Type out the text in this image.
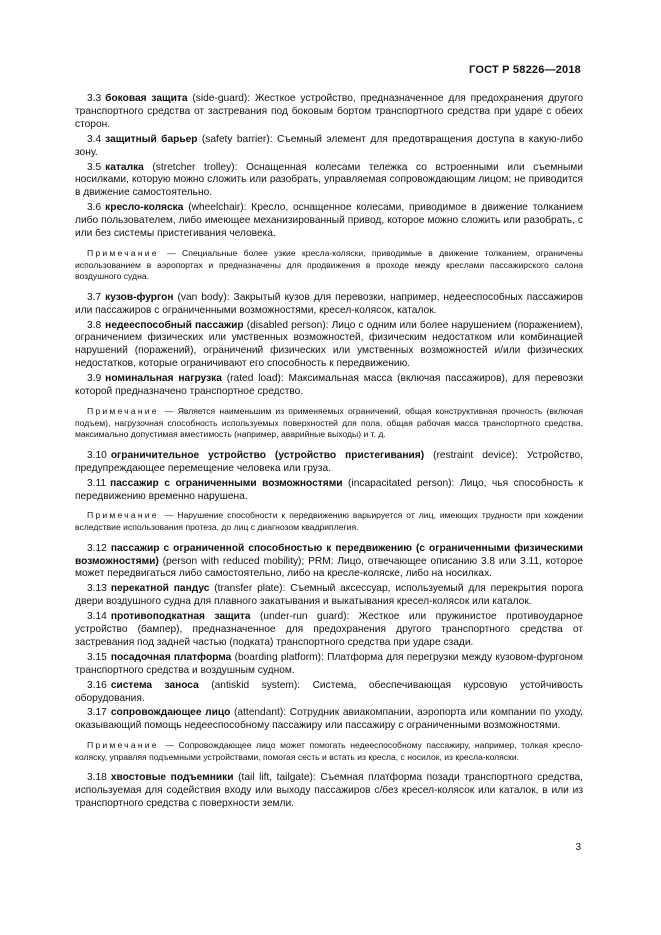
ГОСТ Р 58226—2018

3.3 боковая защита (side-guard): Жесткое устройство, предназначенное для предохранения другого транспортного средства от застревания под боковым бортом транспортного средства при ударе с обеих сторон.

3.4 защитный барьер (safety barrier): Съемный элемент для предотвращения доступа в какую-либо зону.

3.5 каталка (stretcher trolley): Оснащенная колесами тележка со встроенными или съемными носилками, которую можно сложить или разобрать, управляемая сопровождающим лицом; не приводится в движение самостоятельно.

3.6 кресло-коляска (wheelchair): Кресло, оснащенное колесами, приводимое в движение толканием либо пользователем, либо имеющее механизированный привод, которое можно сложить или разобрать, с или без системы пристегивания человека.

Примечание — Специальные более узкие кресла-коляски, приводимые в движение толканием, ограничены использованием в аэропортах и предназначены для продвижения в проходе между креслами пассажирского салона воздушного судна.

3.7 кузов-фургон (van body): Закрытый кузов для перевозки, например, недееспособных пассажиров или пассажиров с ограниченными возможностями, кресел-колясок, каталок.

3.8 недееспособный пассажир (disabled person): Лицо с одним или более нарушением (поражением), ограничением физических или умственных возможностей, физическим недостатком или комбинацией нарушений (поражений), ограничений физических или умственных возможностей и/или физических недостатков, которые ограничивают его способность к передвижению.

3.9 номинальная нагрузка (rated load): Максимальная масса (включая пассажиров), для перевозки которой предназначено транспортное средство.

Примечание — Является наименьшим из применяемых ограничений, общая конструктивная прочность (включая подъем), нагрузочная способность используемых поверхностей для пола, общая рабочая масса транспортного средства, максимально допустимая вместимость (например, аварийные выходы) и т. д.

3.10 ограничительное устройство (устройство пристегивания) (restraint device): Устройство, предупреждающее перемещение человека или груза.

3.11 пассажир с ограниченными возможностями (incapacitated person): Лицо, чья способность к передвижению временно нарушена.

Примечание — Нарушение способности к передвижению варьируется от лиц, имеющих трудности при хождении вследствие использования протеза, до лиц с диагнозом квадриплегия.

3.12 пассажир с ограниченной способностью к передвижению (с ограниченными физическими возможностями) (person with reduced mobility); PRM: Лицо, отвечающее описанию 3.8 или 3.11, которое может передвигаться либо самостоятельно, либо на кресле-коляске, либо на носилках.

3.13 перекатной пандус (transfer plate): Съемный аксессуар, используемый для перекрытия порога двери воздушного судна для плавного закатывания и выкатывания кресел-колясок или каталок.

3.14 противоподкатная защита (under-run guard): Жесткое или пружинистое противоударное устройство (бампер), предназначенное для предохранения другого транспортного средства от застревания под задней частью (подката) транспортного средства при ударе сзади.

3.15 посадочная платформа (boarding platform): Платформа для перегрузки между кузовом-фургоном транспортного средства и воздушным судном.

3.16 система заноса (antiskid system): Система, обеспечивающая курсовую устойчивость оборудования.

3.17 сопровождающее лицо (attendant): Сотрудник авиакомпании, аэропорта или компании по уходу, оказывающий помощь недееспособному пассажиру или пассажиру с ограниченными возможностями.

Примечание — Сопровождающее лицо может помогать недееспособному пассажиру, например, толкая кресло-коляску, управляя подъемными устройствами, помогая сесть и встать из кресла, с носилок, из кресла-коляски.

3.18 хвостовые подъемники (tail lift, tailgate): Съемная платформа позади транспортного средства, используемая для содействия входу или выходу пассажиров с/без кресел-колясок или каталок, в или из транспортного средства с поверхности земли.

3
